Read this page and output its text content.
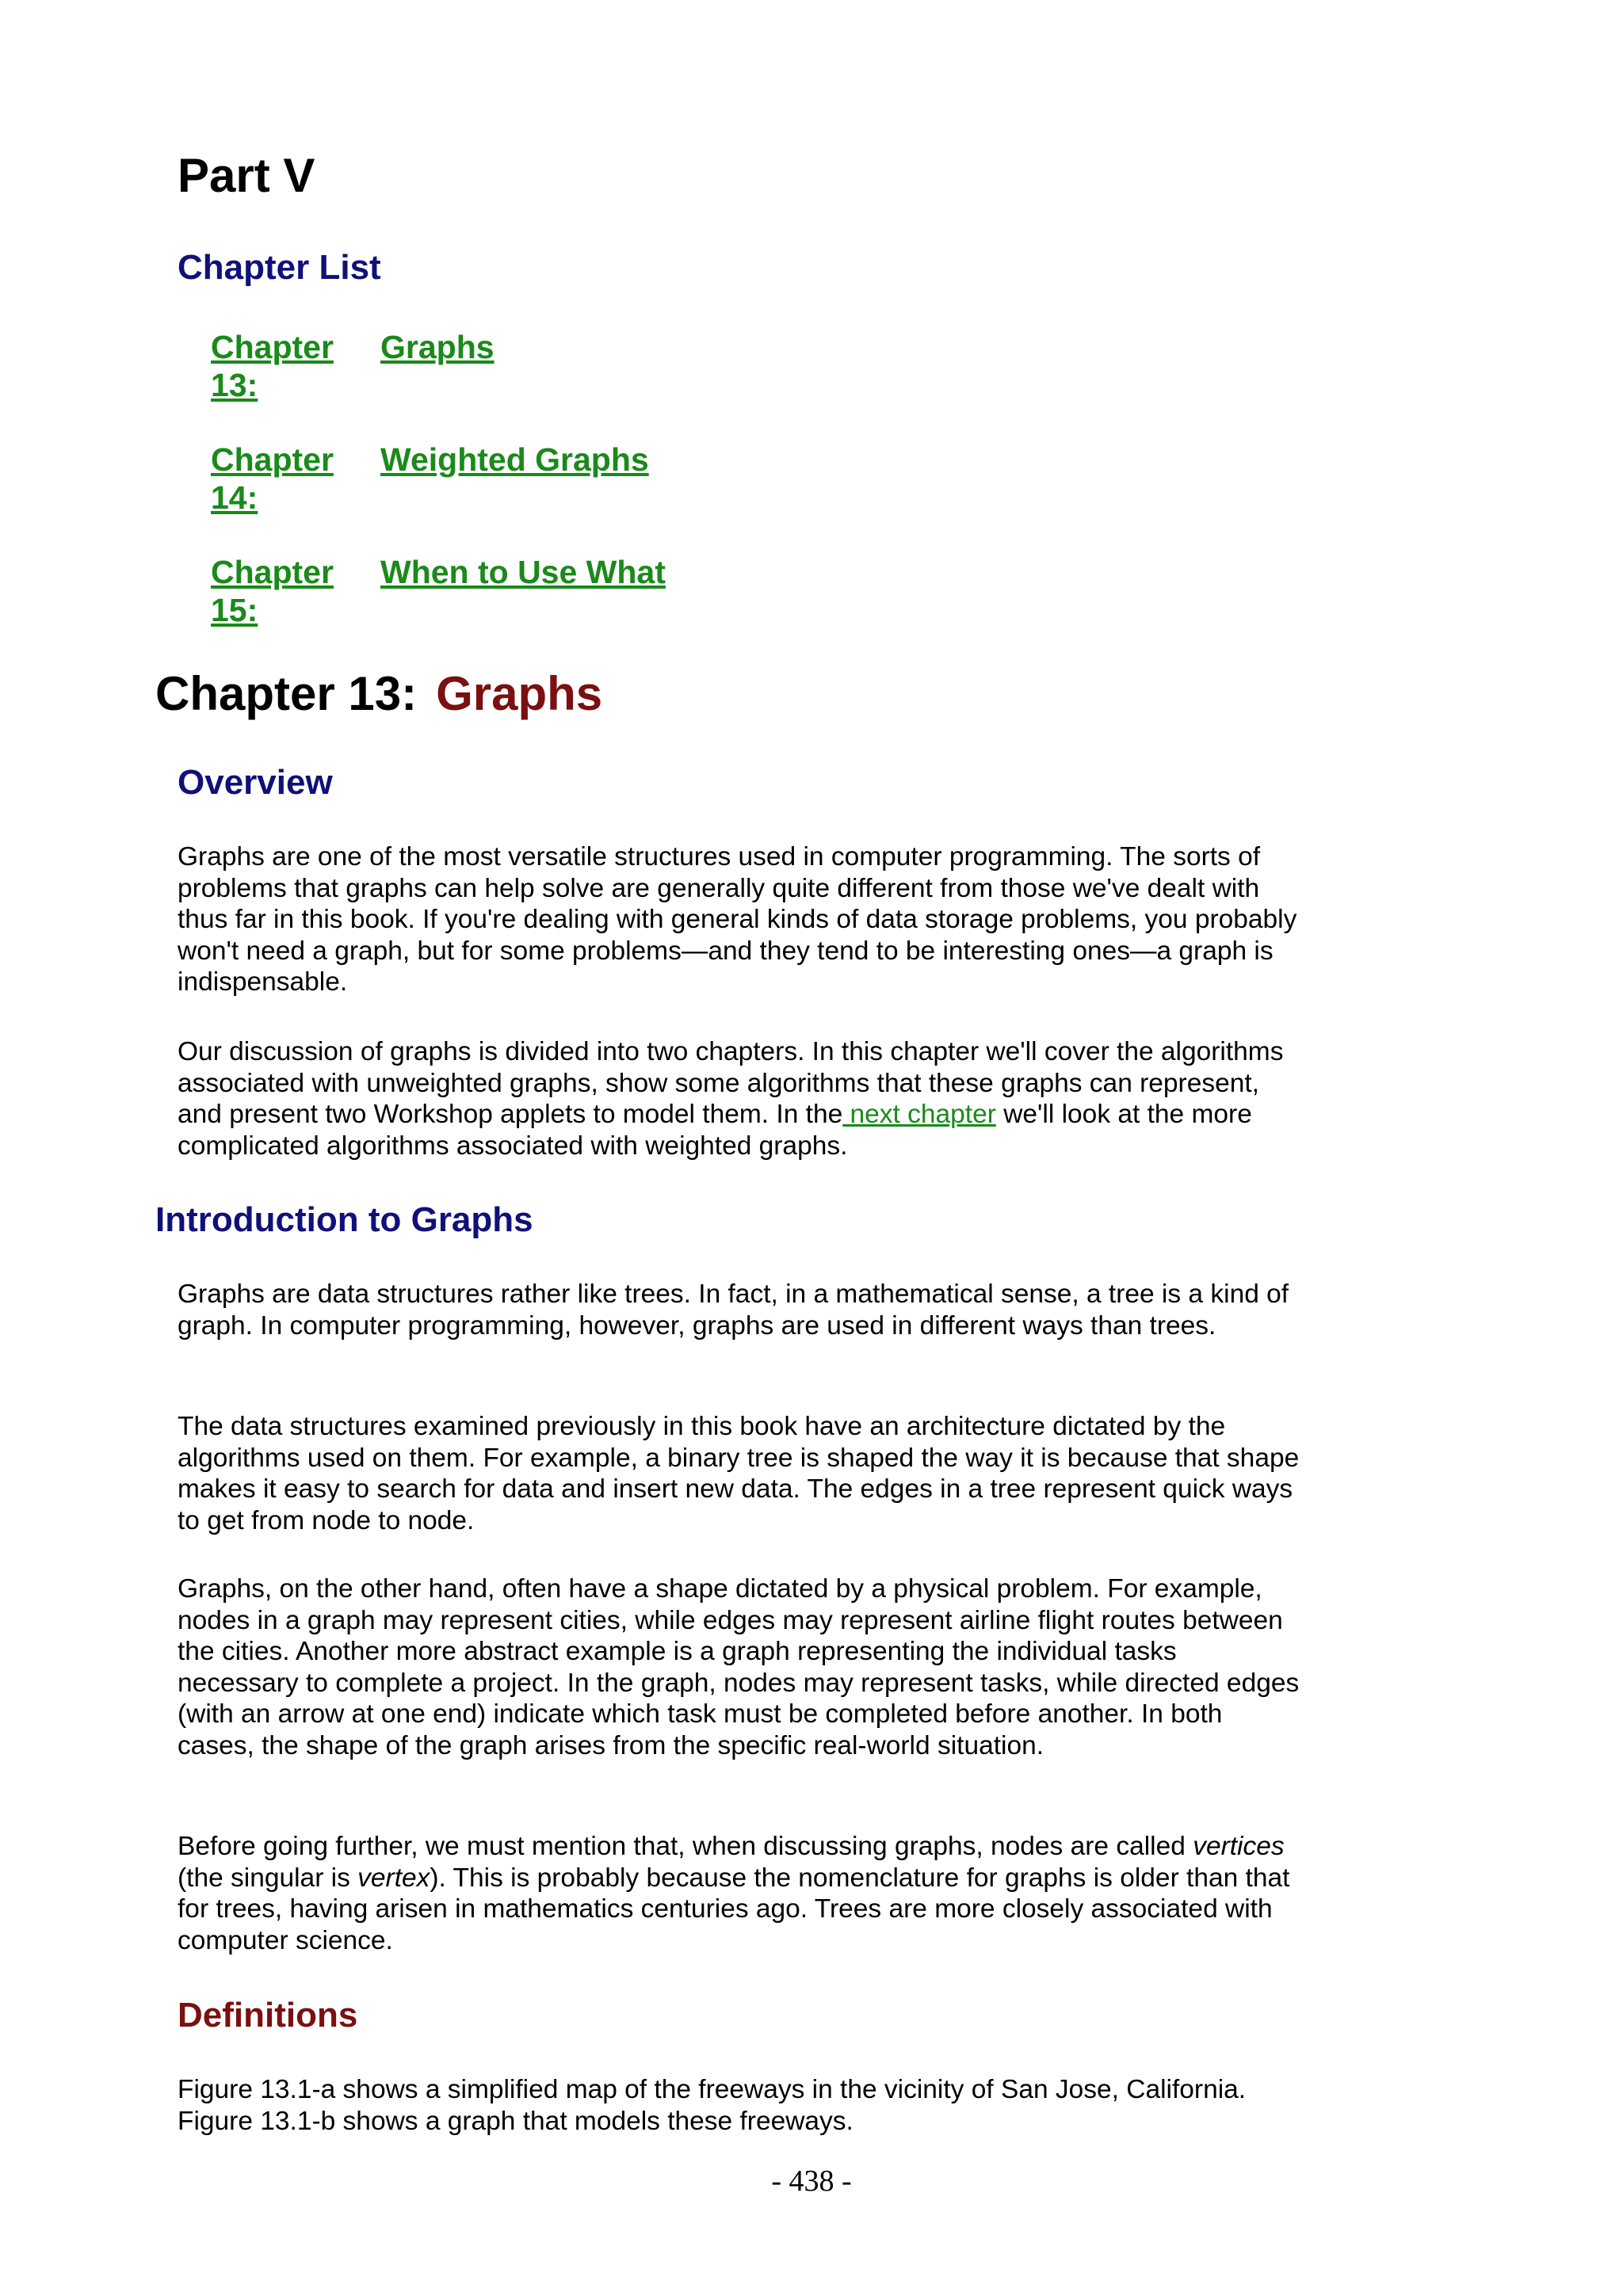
Part V
Chapter List
Chapter
13:
Graphs
Chapter
14:
Weighted Graphs
Chapter
15:
When to Use What
Chapter 13: Graphs
Overview

Graphs are one of the most versatile structures used in computer programming. The sorts of problems that graphs can help solve are generally quite different from those we've dealt with thus far in this book. If you're dealing with general kinds of data storage problems, you probably won't need a graph, but for some problems—and they tend to be interesting ones—a graph is indispensable.

Our discussion of graphs is divided into two chapters. In this chapter we'll cover the algorithms associated with unweighted graphs, show some algorithms that these graphs can represent, and present two Workshop applets to model them. In the next chapter we'll look at the more complicated algorithms associated with weighted graphs.

Introduction to Graphs

Graphs are data structures rather like trees. In fact, in a mathematical sense, a tree is a kind of graph. In computer programming, however, graphs are used in different ways than trees.

The data structures examined previously in this book have an architecture dictated by the algorithms used on them. For example, a binary tree is shaped the way it is because that shape makes it easy to search for data and insert new data. The edges in a tree represent quick ways to get from node to node.

Graphs, on the other hand, often have a shape dictated by a physical problem. For example, nodes in a graph may represent cities, while edges may represent airline flight routes between the cities. Another more abstract example is a graph representing the individual tasks necessary to complete a project. In the graph, nodes may represent tasks, while directed edges (with an arrow at one end) indicate which task must be completed before another. In both cases, the shape of the graph arises from the specific real-world situation.

Before going further, we must mention that, when discussing graphs, nodes are called vertices (the singular is vertex). This is probably because the nomenclature for graphs is older than that for trees, having arisen in mathematics centuries ago. Trees are more closely associated with computer science.

Definitions

Figure 13.1-a shows a simplified map of the freeways in the vicinity of San Jose, California. Figure 13.1-b shows a graph that models these freeways.

- 438 -
